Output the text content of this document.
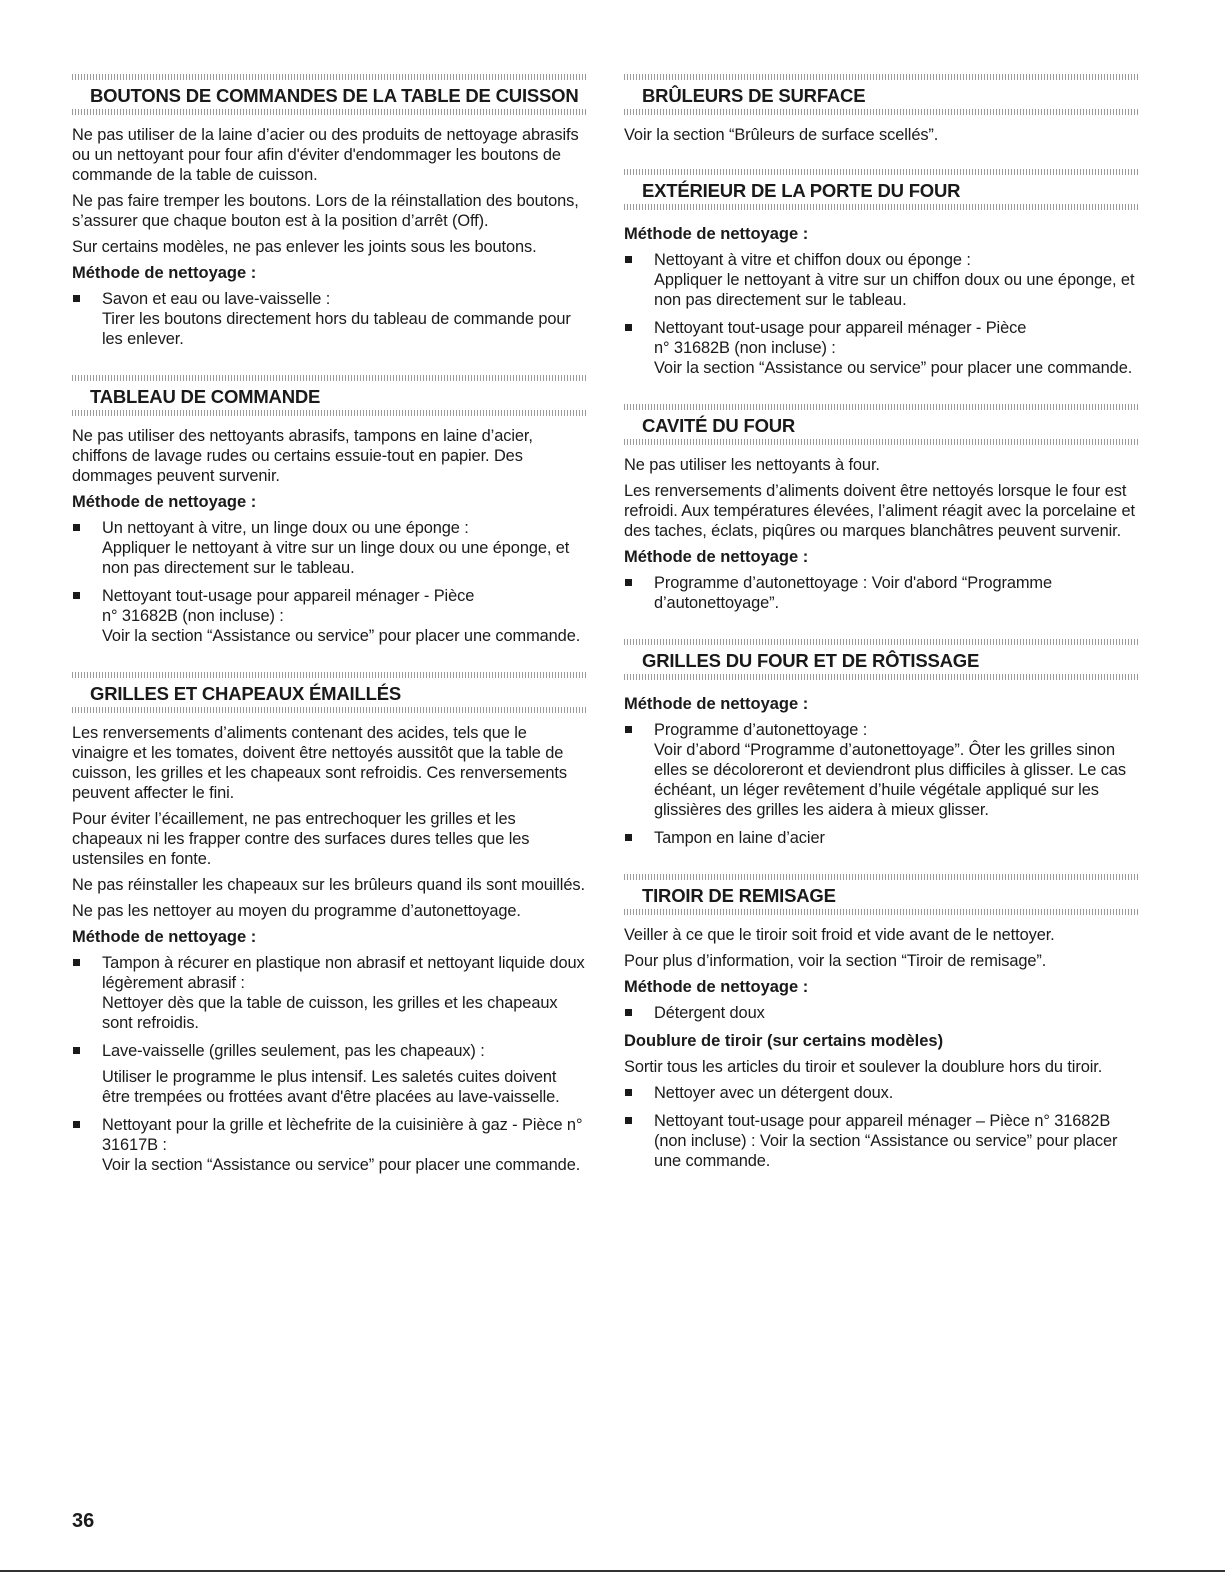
BOUTONS DE COMMANDES DE LA TABLE DE CUISSON

Ne pas utiliser de la laine d’acier ou des produits de nettoyage abrasifs ou un nettoyant pour four afin d'éviter d'endommager les boutons de commande de la table de cuisson.

Ne pas faire tremper les boutons. Lors de la réinstallation des boutons, s’assurer que chaque bouton est à la position d’arrêt (Off).

Sur certains modèles, ne pas enlever les joints sous les boutons.

Méthode de nettoyage :
Savon et eau ou lave-vaisselle :
Tirer les boutons directement hors du tableau de commande pour les enlever.
TABLEAU DE COMMANDE

Ne pas utiliser des nettoyants abrasifs, tampons en laine d’acier, chiffons de lavage rudes ou certains essuie-tout en papier. Des dommages peuvent survenir.

Méthode de nettoyage :
Un nettoyant à vitre, un linge doux ou une éponge :
Appliquer le nettoyant à vitre sur un linge doux ou une éponge, et non pas directement sur le tableau.
Nettoyant tout-usage pour appareil ménager - Pièce
n° 31682B (non incluse) :
Voir la section “Assistance ou service” pour placer une commande.
GRILLES ET CHAPEAUX ÉMAILLÉS

Les renversements d’aliments contenant des acides, tels que le vinaigre et les tomates, doivent être nettoyés aussitôt que la table de cuisson, les grilles et les chapeaux sont refroidis. Ces renversements peuvent affecter le fini.

Pour éviter l’écaillement, ne pas entrechoquer les grilles et les chapeaux ni les frapper contre des surfaces dures telles que les ustensiles en fonte.

Ne pas réinstaller les chapeaux sur les brûleurs quand ils sont mouillés.

Ne pas les nettoyer au moyen du programme d’autonettoyage.

Méthode de nettoyage :
Tampon à récurer en plastique non abrasif et nettoyant liquide doux légèrement abrasif :
Nettoyer dès que la table de cuisson, les grilles et les chapeaux sont refroidis.
Lave-vaisselle (grilles seulement, pas les chapeaux) :
Utiliser le programme le plus intensif. Les saletés cuites doivent être trempées ou frottées avant d'être placées au lave-vaisselle.
Nettoyant pour la grille et lèchefrite de la cuisinière à gaz - Pièce n° 31617B :
Voir la section “Assistance ou service” pour placer une commande.
BRÛLEURS DE SURFACE

Voir la section “Brûleurs de surface scellés”.

EXTÉRIEUR DE LA PORTE DU FOUR
Méthode de nettoyage :
Nettoyant à vitre et chiffon doux ou éponge :
Appliquer le nettoyant à vitre sur un chiffon doux ou une éponge, et non pas directement sur le tableau.
Nettoyant tout-usage pour appareil ménager - Pièce
n° 31682B (non incluse) :
Voir la section “Assistance ou service” pour placer une commande.
CAVITÉ DU FOUR

Ne pas utiliser les nettoyants à four.

Les renversements d’aliments doivent être nettoyés lorsque le four est refroidi. Aux températures élevées, l’aliment réagit avec la porcelaine et des taches, éclats, piqûres ou marques blanchâtres peuvent survenir.

Méthode de nettoyage :
Programme d’autonettoyage : Voir d'abord “Programme d’autonettoyage”.
GRILLES DU FOUR ET DE RÔTISSAGE
Méthode de nettoyage :
Programme d’autonettoyage :
Voir d’abord “Programme d’autonettoyage”. Ôter les grilles sinon elles se décoloreront et deviendront plus difficiles à glisser. Le cas échéant, un léger revêtement d’huile végétale appliqué sur les glissières des grilles les aidera à mieux glisser.
Tampon en laine d’acier
TIROIR DE REMISAGE

Veiller à ce que le tiroir soit froid et vide avant de le nettoyer.

Pour plus d’information, voir la section “Tiroir de remisage”.

Méthode de nettoyage :
Détergent doux
Doublure de tiroir (sur certains modèles)

Sortir tous les articles du tiroir et soulever la doublure hors du tiroir.

Nettoyer avec un détergent doux.
Nettoyant tout-usage pour appareil ménager – Pièce n° 31682B (non incluse) : Voir la section “Assistance ou service” pour placer une commande.
36
